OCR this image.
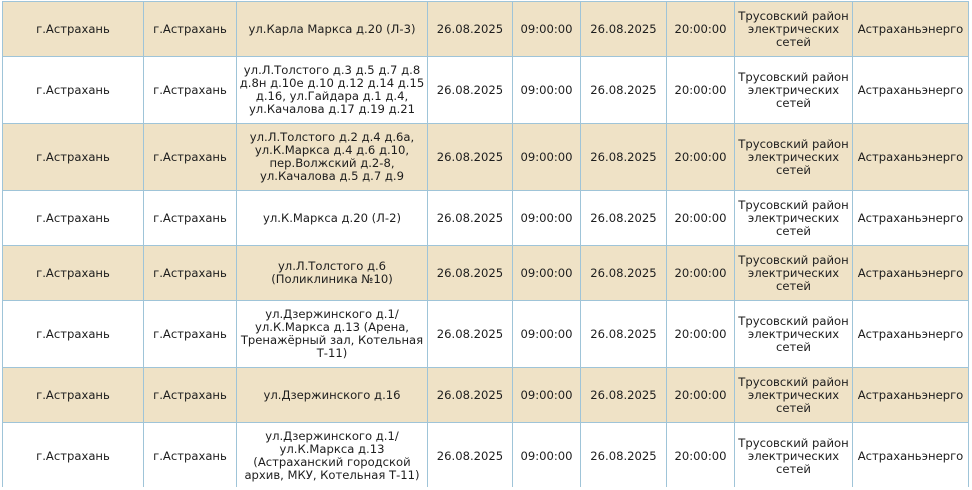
г.Астрахань	г.Астрахань	ул.Карла Маркса д.20 (Л-3)	26.08.2025	09:00:00	26.08.2025	20:00:00	Трусовский район электрических сетей	Астраханьэнерго
г.Астрахань	г.Астрахань	ул.Л.Толстого д.3 д.5 д.7 д.8 д.8н д.10е д.10 д.12 д.14 д.15 д.16, ул.Гайдара д.1 д.4, ул.Качалова д.17 д.19 д.21	26.08.2025	09:00:00	26.08.2025	20:00:00	Трусовский район электрических сетей	Астраханьэнерго
г.Астрахань	г.Астрахань	ул.Л.Толстого д.2 д.4 д.6а, ул.К.Маркса д.4 д.6 д.10, пер.Волжский д.2-8, ул.Качалова д.5 д.7 д.9	26.08.2025	09:00:00	26.08.2025	20:00:00	Трусовский район электрических сетей	Астраханьэнерго
г.Астрахань	г.Астрахань	ул.К.Маркса д.20 (Л-2)	26.08.2025	09:00:00	26.08.2025	20:00:00	Трусовский район электрических сетей	Астраханьэнерго
г.Астрахань	г.Астрахань	ул.Л.Толстого д.6 (Поликлиника №10)	26.08.2025	09:00:00	26.08.2025	20:00:00	Трусовский район электрических сетей	Астраханьэнерго
г.Астрахань	г.Астрахань	ул.Дзержинского д.1/ ул.К.Маркса д.13 (Арена, Тренажёрный зал, Котельная Т-11)	26.08.2025	09:00:00	26.08.2025	20:00:00	Трусовский район электрических сетей	Астраханьэнерго
г.Астрахань	г.Астрахань	ул.Дзержинского д.16	26.08.2025	09:00:00	26.08.2025	20:00:00	Трусовский район электрических сетей	Астраханьэнерго
г.Астрахань	г.Астрахань	ул.Дзержинского д.1/ ул.К.Маркса д.13 (Астраханский городской архив, МКУ, Котельная Т-11)	26.08.2025	09:00:00	26.08.2025	20:00:00	Трусовский район электрических сетей	Астраханьэнерго
